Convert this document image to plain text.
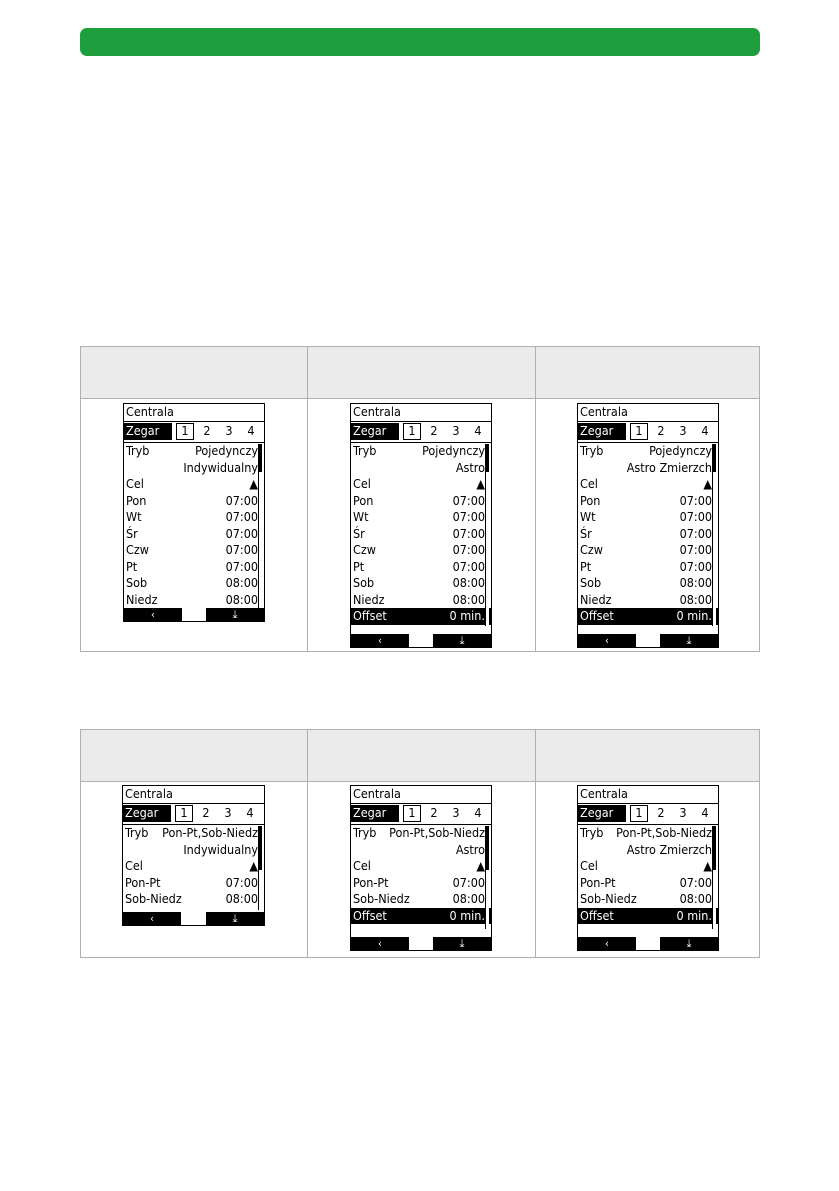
Centrala
Zegar	1	2	3	4
Tryb	Pojedynczy
Indywidualny
Cel	▲
Pon	07:00
Wt	07:00
Śr	07:00
Czw	07:00
Pt	07:00
Sob	08:00
Niedz	08:00
‹	⤓
Centrala
Zegar	1	2	3	4
Tryb	Pojedynczy
Astro
Cel	▲
Pon	07:00
Wt	07:00
Śr	07:00
Czw	07:00
Pt	07:00
Sob	08:00
Niedz	08:00
Offset	0 min.
‹	⤓
Centrala
Zegar	1	2	3	4
Tryb	Pojedynczy
Astro Zmierzch
Cel	▲
Pon	07:00
Wt	07:00
Śr	07:00
Czw	07:00
Pt	07:00
Sob	08:00
Niedz	08:00
Offset	0 min.
‹	⤓
Centrala
Zegar	1	2	3	4
Tryb Pon-Pt,Sob-Niedz
Indywidualny
Cel	▲
Pon-Pt	07:00
Sob-Niedz	08:00
‹	⤓
Centrala
Zegar	1	2	3	4
Tryb Pon-Pt,Sob-Niedz
Astro
Cel	▲
Pon-Pt	07:00
Sob-Niedz	08:00
Offset	0 min.
‹	⤓
Centrala
Zegar	1	2	3	4
Tryb Pon-Pt,Sob-Niedz
Astro Zmierzch
Cel	▲
Pon-Pt	07:00
Sob-Niedz	08:00
Offset	0 min.
‹	⤓
